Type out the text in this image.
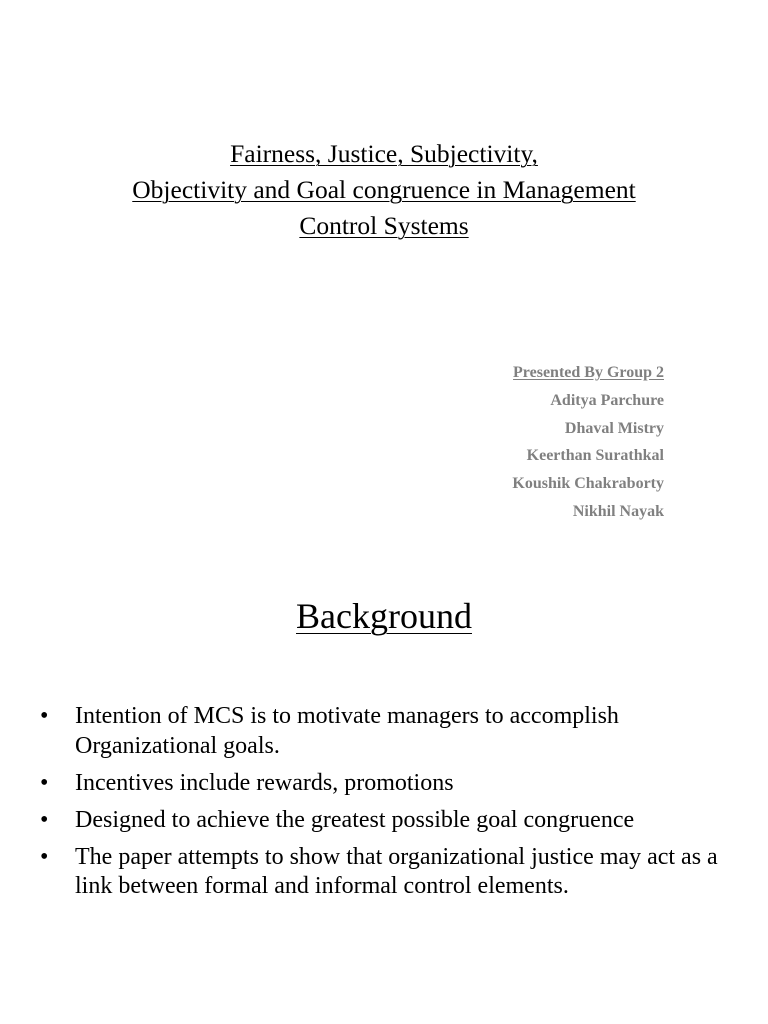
Fairness, Justice, Subjectivity,
Objectivity and Goal congruence in Management
Control Systems
Presented By Group 2
Aditya Parchure
Dhaval Mistry
Keerthan Surathkal
Koushik Chakraborty
Nikhil Nayak
Background
•	Intention of MCS is to motivate managers to accomplish Organizational goals.
•	Incentives include rewards, promotions
•	Designed to achieve the greatest possible goal congruence
•	The paper attempts to show that organizational justice may act as a link between formal and informal control elements.
